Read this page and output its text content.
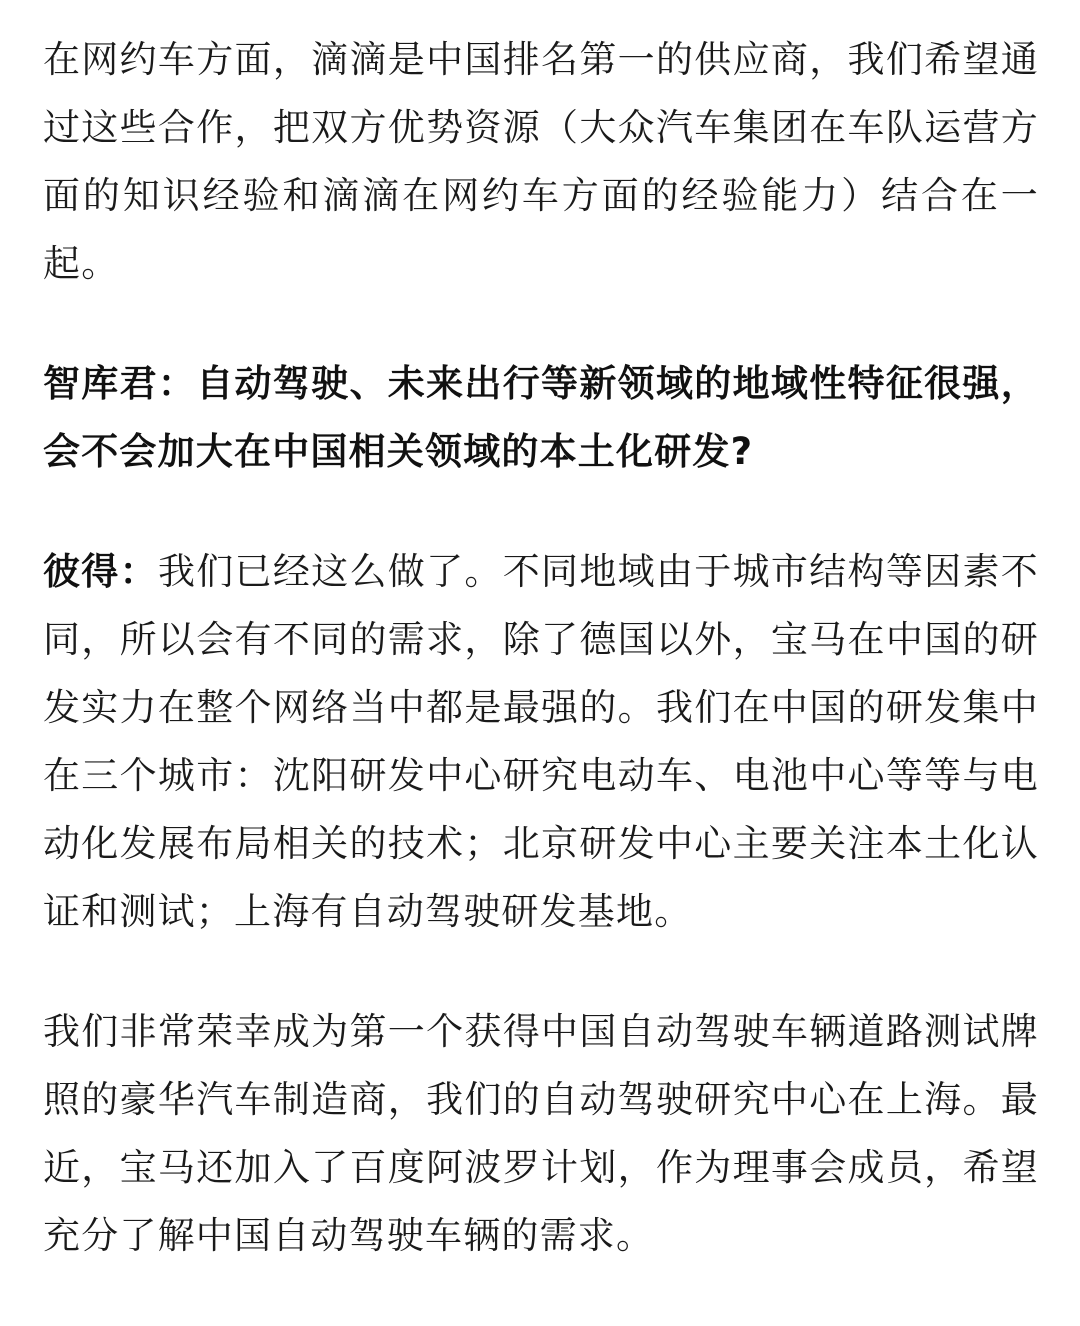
在网约车方面，滴滴是中国排名第一的供应商，我们希望通过这些合作，把双方优势资源（大众汽车集团在车队运营方面的知识经验和滴滴在网约车方面的经验能力）结合在一起。

智库君：自动驾驶、未来出行等新领域的地域性特征很强，会不会加大在中国相关领域的本土化研发?

彼得：我们已经这么做了。不同地域由于城市结构等因素不同，所以会有不同的需求，除了德国以外，宝马在中国的研发实力在整个网络当中都是最强的。我们在中国的研发集中在三个城市：沈阳研发中心研究电动车、电池中心等等与电动化发展布局相关的技术；北京研发中心主要关注本土化认证和测试；上海有自动驾驶研发基地。

我们非常荣幸成为第一个获得中国自动驾驶车辆道路测试牌照的豪华汽车制造商，我们的自动驾驶研究中心在上海。最近，宝马还加入了百度阿波罗计划，作为理事会成员，希望充分了解中国自动驾驶车辆的需求。
